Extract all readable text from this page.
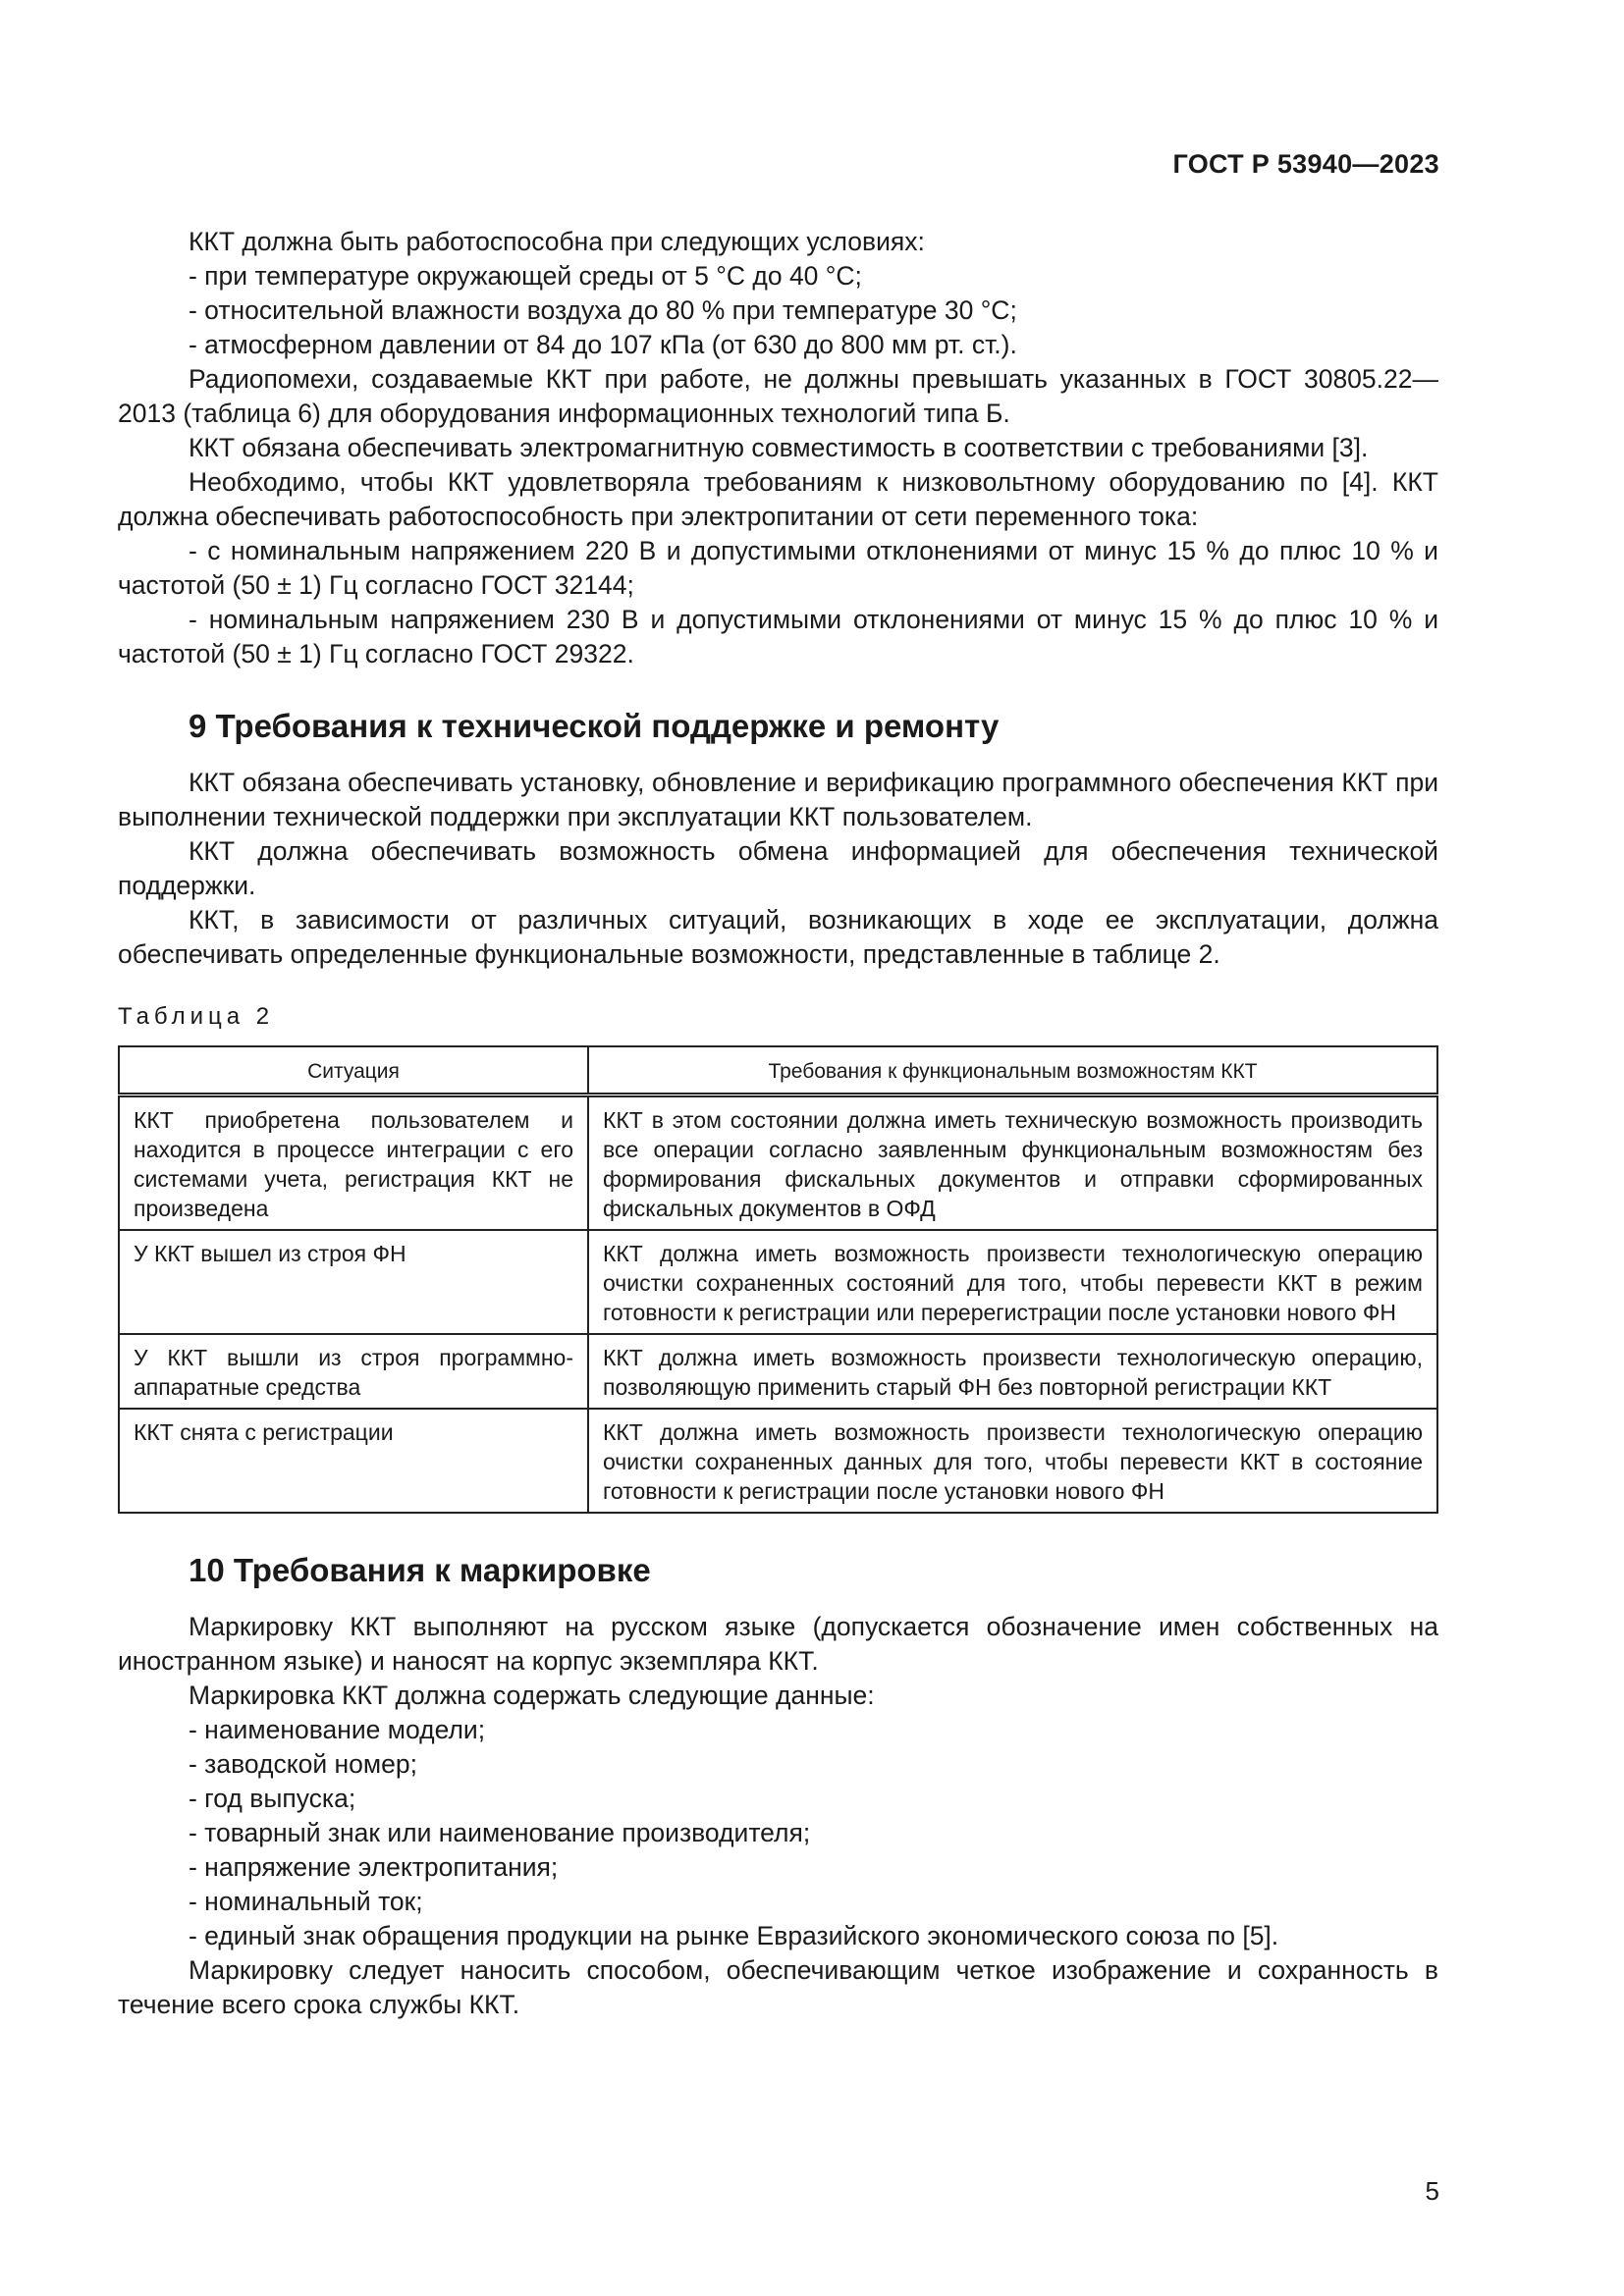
ГОСТ Р 53940—2023

ККТ должна быть работоспособна при следующих условиях:

- при температуре окружающей среды от 5 °С до 40 °С;

- относительной влажности воздуха до 80 % при температуре 30 °С;

- атмосферном давлении от 84 до 107 кПа (от 630 до 800 мм рт. ст.).

Радиопомехи, создаваемые ККТ при работе, не должны превышать указанных в ГОСТ 30805.22—2013 (таблица 6) для оборудования информационных технологий типа Б.

ККТ обязана обеспечивать электромагнитную совместимость в соответствии с требованиями [3].

Необходимо, чтобы ККТ удовлетворяла требованиям к низковольтному оборудованию по [4]. ККТ должна обеспечивать работоспособность при электропитании от сети переменного тока:

- с номинальным напряжением 220 В и допустимыми отклонениями от минус 15 % до плюс 10 % и частотой (50 ± 1) Гц согласно ГОСТ 32144;

- номинальным напряжением 230 В и допустимыми отклонениями от минус 15 % до плюс 10 % и частотой (50 ± 1) Гц согласно ГОСТ 29322.

9 Требования к технической поддержке и ремонту

ККТ обязана обеспечивать установку, обновление и верификацию программного обеспечения ККТ при выполнении технической поддержки при эксплуатации ККТ пользователем.

ККТ должна обеспечивать возможность обмена информацией для обеспечения технической поддержки.

ККТ, в зависимости от различных ситуаций, возникающих в ходе ее эксплуатации, должна обеспечивать определенные функциональные возможности, представленные в таблице 2.

Таблица 2
Ситуация	Требования к функциональным возможностям ККТ
ККТ приобретена пользователем и находится в процессе интеграции с его системами учета, регистрация ККТ не произведена	ККТ в этом состоянии должна иметь техническую возможность производить все операции согласно заявленным функциональным возможностям без формирования фискальных документов и отправки сформированных фискальных документов в ОФД
У ККТ вышел из строя ФН	ККТ должна иметь возможность произвести технологическую операцию очистки сохраненных состояний для того, чтобы перевести ККТ в режим готовности к регистрации или перерегистрации после установки нового ФН
У ККТ вышли из строя программно-аппаратные средства	ККТ должна иметь возможность произвести технологическую операцию, позволяющую применить старый ФН без повторной регистрации ККТ
ККТ снята с регистрации	ККТ должна иметь возможность произвести технологическую операцию очистки сохраненных данных для того, чтобы перевести ККТ в состояние готовности к регистрации после установки нового ФН
10 Требования к маркировке

Маркировку ККТ выполняют на русском языке (допускается обозначение имен собственных на иностранном языке) и наносят на корпус экземпляра ККТ.

Маркировка ККТ должна содержать следующие данные:

- наименование модели;

- заводской номер;

- год выпуска;

- товарный знак или наименование производителя;

- напряжение электропитания;

- номинальный ток;

- единый знак обращения продукции на рынке Евразийского экономического союза по [5].

Маркировку следует наносить способом, обеспечивающим четкое изображение и сохранность в течение всего срока службы ККТ.

5
